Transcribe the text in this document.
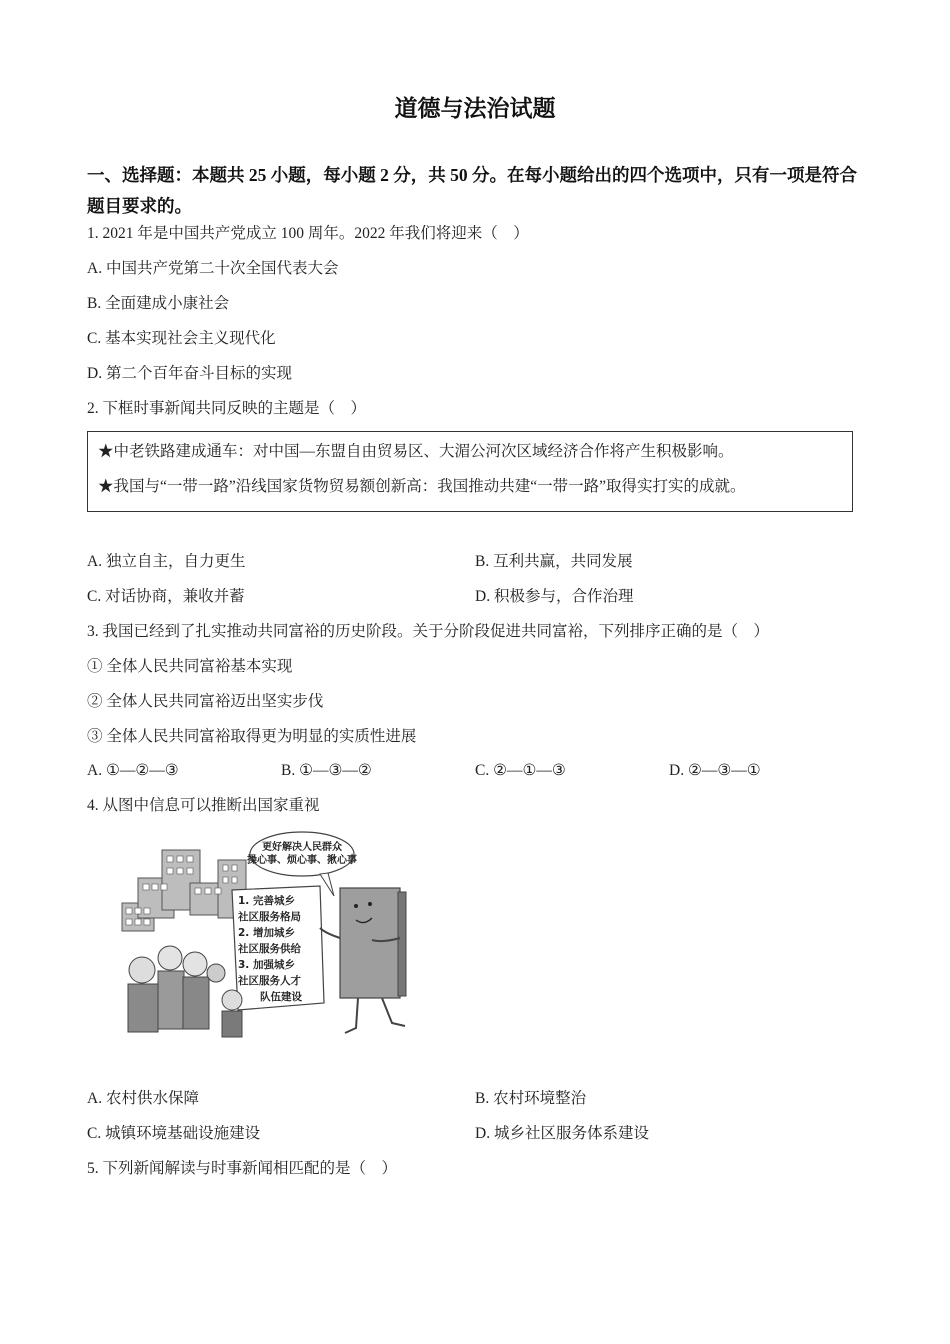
道德与法治试题
一、选择题：本题共 25 小题，每小题 2 分，共 50 分。在每小题给出的四个选项中，只有一项是符合题目要求的。
1. 2021 年是中国共产党成立 100 周年。2022 年我们将迎来（　）
A. 中国共产党第二十次全国代表大会
B. 全面建成小康社会
C. 基本实现社会主义现代化
D. 第二个百年奋斗目标的实现
2. 下框时事新闻共同反映的主题是（　）
★中老铁路建成通车：对中国—东盟自由贸易区、大湄公河次区域经济合作将产生积极影响。
★我国与“一带一路”沿线国家货物贸易额创新高：我国推动共建“一带一路”取得实打实的成就。
A. 独立自主，自力更生	B. 互利共赢，共同发展
C. 对话协商，兼收并蓄	D. 积极参与，合作治理
3. 我国已经到了扎实推动共同富裕的历史阶段。关于分阶段促进共同富裕，下列排序正确的是（　）
① 全体人民共同富裕基本实现
② 全体人民共同富裕迈出坚实步伐
③ 全体人民共同富裕取得更为明显的实质性进展
A. ①—②—③	B. ①—③—②	C. ②—①—③	D. ②—③—①
4. 从图中信息可以推断出国家重视
更好解决人民群众
操心事、烦心事、揪心事
1. 完善城乡
社区服务格局
2. 增加城乡
社区服务供给
3. 加强城乡
社区服务人才
队伍建设
A. 农村供水保障	B. 农村环境整治
C. 城镇环境基础设施建设	D. 城乡社区服务体系建设
5. 下列新闻解读与时事新闻相匹配的是（　）
